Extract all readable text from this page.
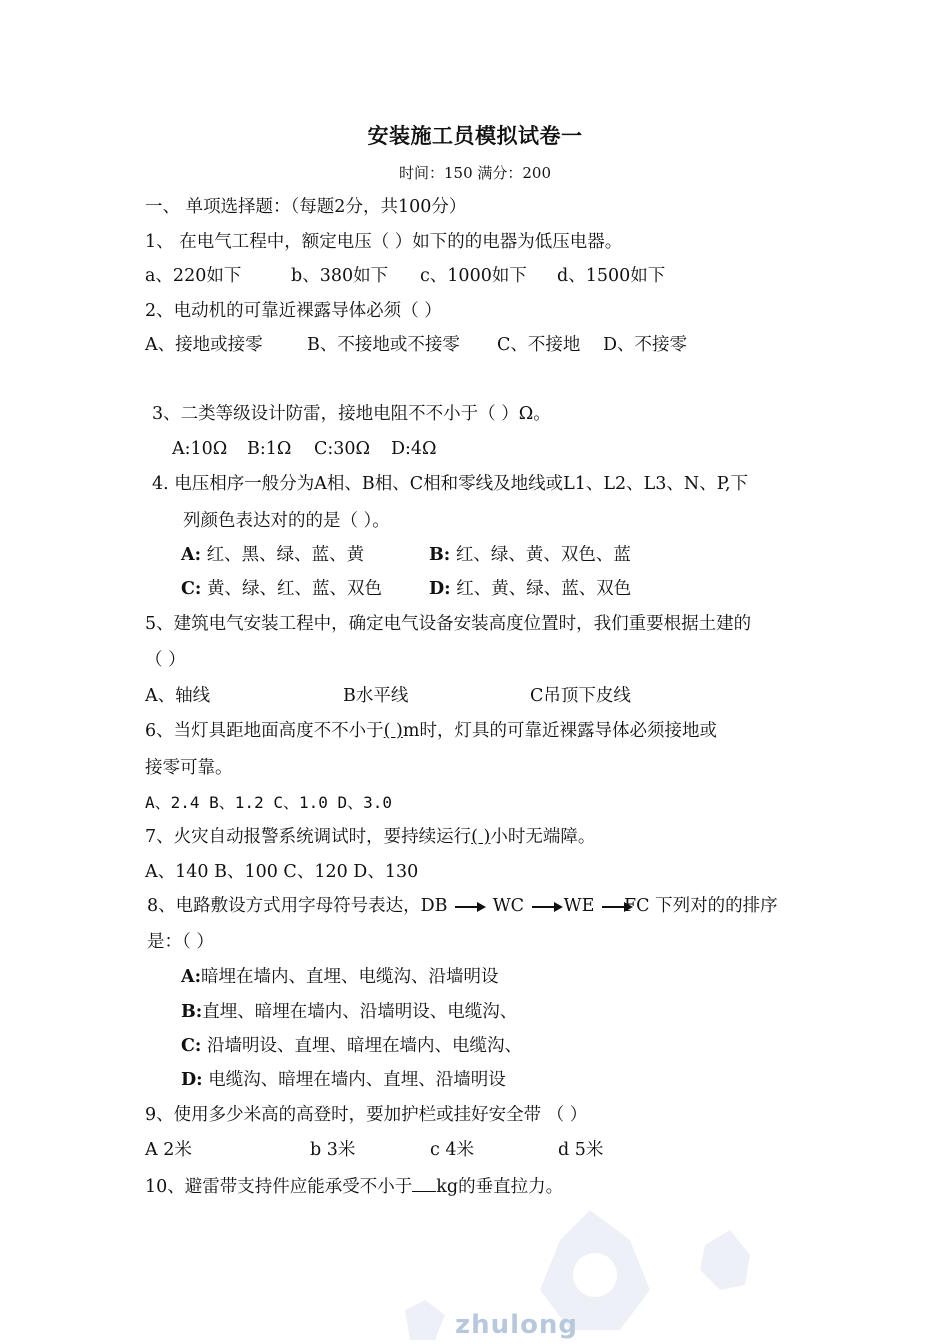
安装施工员模拟试卷一
时间：150 满分：200
一、 单项选择题：（每题2分，共100分）
1、 在电气工程中，额定电压（ ）如下的的电器为低压电器。
a、220如下	b、380如下 c、1000如下 d、1500如下
2、电动机的可靠近裸露导体必须（ ）
A、接地或接零	B、不接地或不接零 C、不接地 D、不接零
3、二类等级设计防雷，接地电阻不不小于（ ）Ω。
A:10Ω B:1Ω C:30Ω D:4Ω
4. 电压相序一般分为A相、B相、C相和零线及地线或L1、L2、L3、N、P,下
列颜色表达对的的是（ ）。
A: 红、黑、绿、蓝、黄	B: 红、绿、黄、双色、蓝
C: 黄、绿、红、蓝、双色	D: 红、黄、绿、蓝、双色
5、建筑电气安装工程中，确定电气设备安装高度位置时，我们重要根据土建的
（ ）
A、轴线	B水平线	C吊顶下皮线
6、当灯具距地面高度不不小于( )m时，灯具的可靠近裸露导体必须接地或
接零可靠。
A、2.4 B、1.2 C、1.0 D、3.0
7、火灾自动报警系统调试时，要持续运行( )小时无端障。
A、140 B、100 C、120 D、130
8、电路敷设方式用字母符号表达，DB	WC WE FC 下列对的的排序
是：（ ）
A:暗埋在墙内、直埋、电缆沟、沿墙明设
B:直埋、暗埋在墙内、沿墙明设、电缆沟、
C: 沿墙明设、直埋、暗埋在墙内、电缆沟、
D: 电缆沟、暗埋在墙内、直埋、沿墙明设
9、使用多少米高的高登时，要加护栏或挂好安全带 （ ）
A 2米	b 3米	c 4米	d 5米
10、避雷带支持件应能承受不小于 kg的垂直拉力。
zhulong
